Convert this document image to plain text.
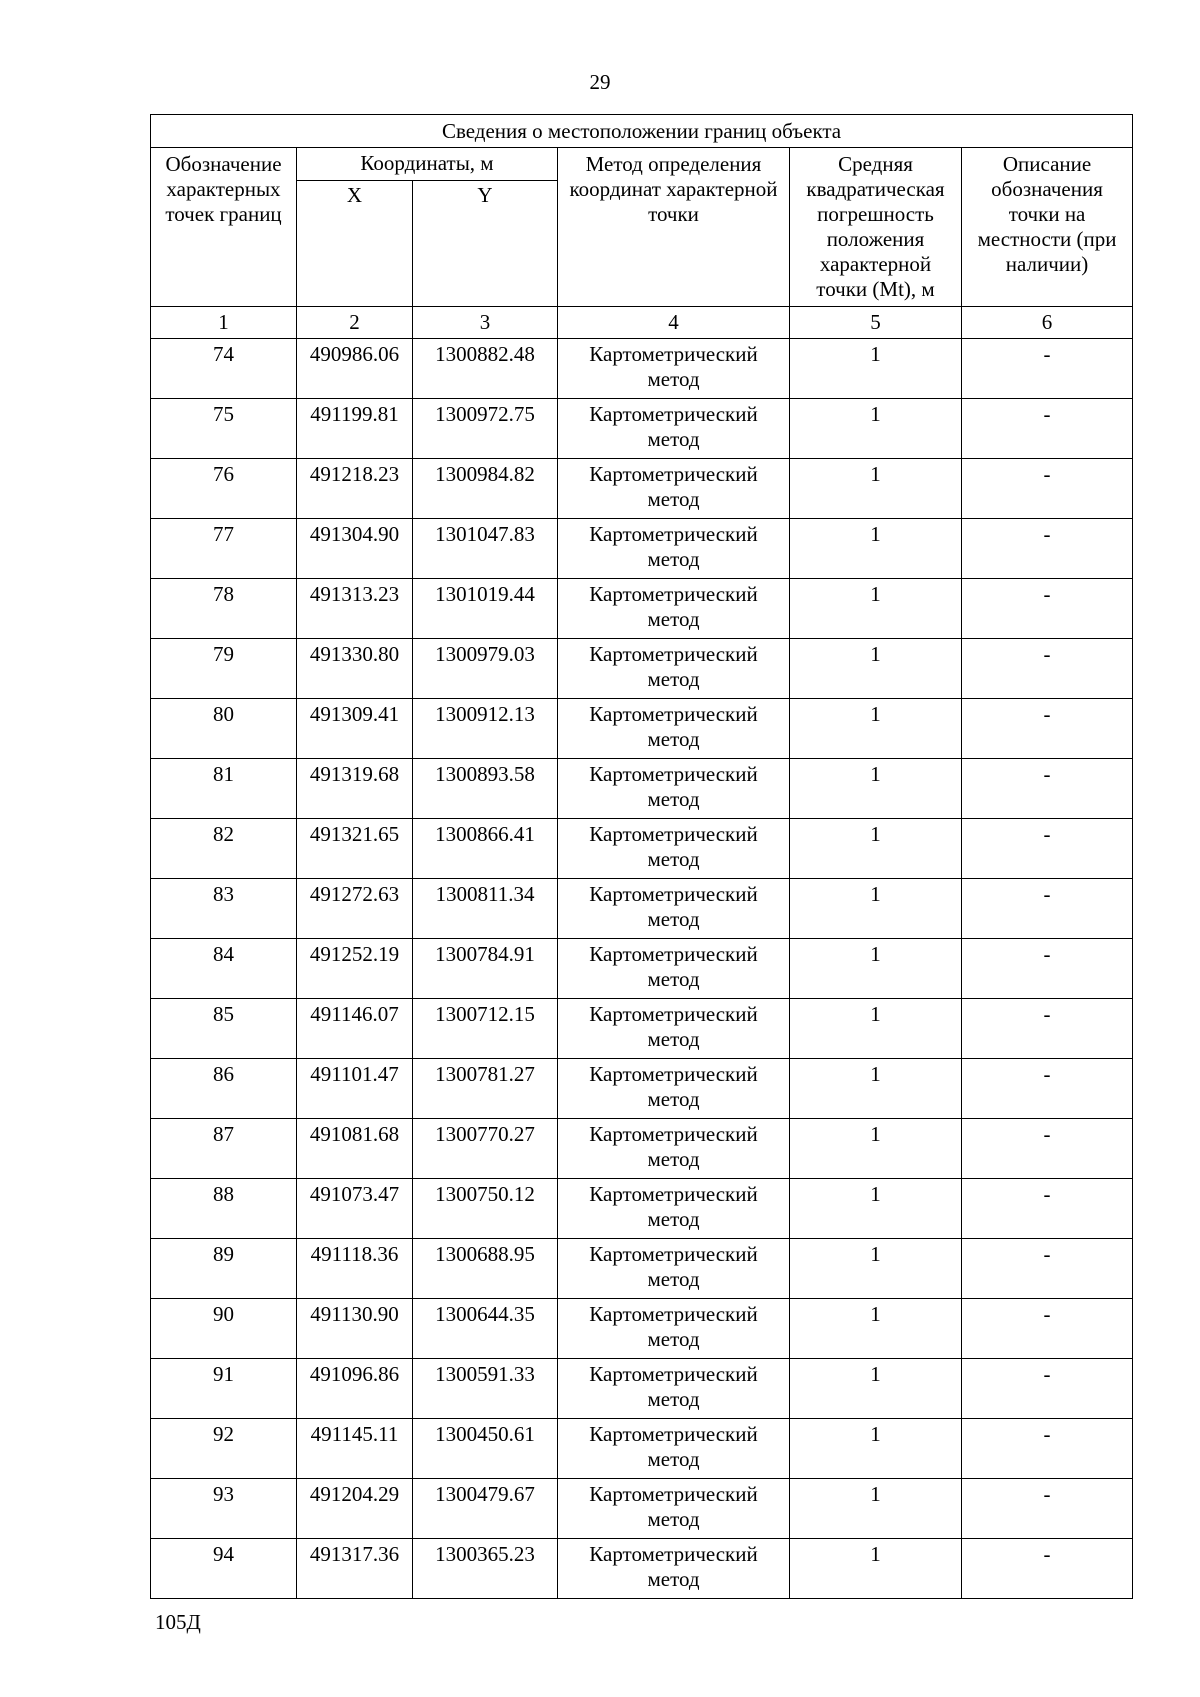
29
Сведения о местоположении границ объекта					
Обозначение характерных точек границ	Координаты, м		Метод определения координат характерной точки	Средняя квадратическая погрешность положения характерной точки (Mt), м	Описание обозначения точки на местности (при наличии)
	X	Y			
1	2	3	4	5	6
74	490986.06	1300882.48	Картометрический метод	1	-
75	491199.81	1300972.75	Картометрический метод	1	-
76	491218.23	1300984.82	Картометрический метод	1	-
77	491304.90	1301047.83	Картометрический метод	1	-
78	491313.23	1301019.44	Картометрический метод	1	-
79	491330.80	1300979.03	Картометрический метод	1	-
80	491309.41	1300912.13	Картометрический метод	1	-
81	491319.68	1300893.58	Картометрический метод	1	-
82	491321.65	1300866.41	Картометрический метод	1	-
83	491272.63	1300811.34	Картометрический метод	1	-
84	491252.19	1300784.91	Картометрический метод	1	-
85	491146.07	1300712.15	Картометрический метод	1	-
86	491101.47	1300781.27	Картометрический метод	1	-
87	491081.68	1300770.27	Картометрический метод	1	-
88	491073.47	1300750.12	Картометрический метод	1	-
89	491118.36	1300688.95	Картометрический метод	1	-
90	491130.90	1300644.35	Картометрический метод	1	-
91	491096.86	1300591.33	Картометрический метод	1	-
92	491145.11	1300450.61	Картометрический метод	1	-
93	491204.29	1300479.67	Картометрический метод	1	-
94	491317.36	1300365.23	Картометрический метод	1	-
105Д
